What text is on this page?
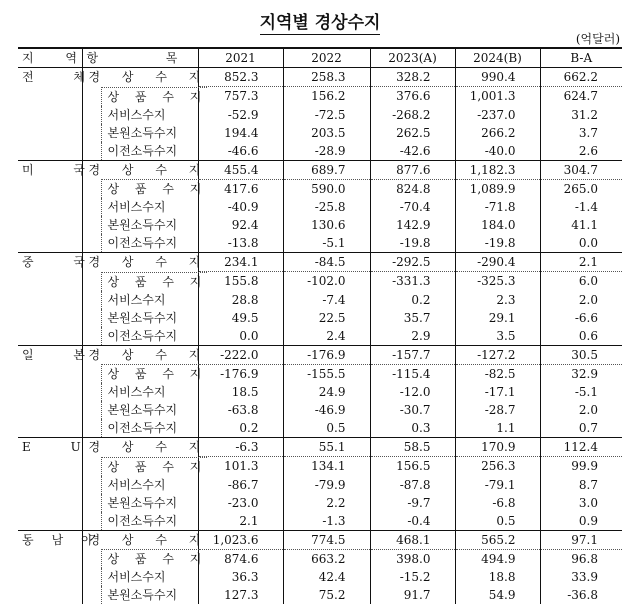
지역별 경상수지
(억달러)
지 역	항  목	2021	2022	2023(A)	2024(B)	B-A
전 체	경 상 수 지	852.3	258.3	328.2	990.4	662.2
	상 품 수 지	757.3	156.2	376.6	1,001.3	624.7
	서비스수지	-52.9	-72.5	-268.2	-237.0	31.2
	본원소득수지	194.4	203.5	262.5	266.2	3.7
	이전소득수지	-46.6	-28.9	-42.6	-40.0	2.6
미 국	경 상 수 지	455.4	689.7	877.6	1,182.3	304.7
	상 품 수 지	417.6	590.0	824.8	1,089.9	265.0
	서비스수지	-40.9	-25.8	-70.4	-71.8	-1.4
	본원소득수지	92.4	130.6	142.9	184.0	41.1
	이전소득수지	-13.8	-5.1	-19.8	-19.8	0.0
중 국	경 상 수 지	234.1	-84.5	-292.5	-290.4	2.1
	상 품 수 지	155.8	-102.0	-331.3	-325.3	6.0
	서비스수지	28.8	-7.4	0.2	2.3	2.0
	본원소득수지	49.5	22.5	35.7	29.1	-6.6
	이전소득수지	0.0	2.4	2.9	3.5	0.6
일 본	경 상 수 지	-222.0	-176.9	-157.7	-127.2	30.5
	상 품 수 지	-176.9	-155.5	-115.4	-82.5	32.9
	서비스수지	18.5	24.9	-12.0	-17.1	-5.1
	본원소득수지	-63.8	-46.9	-30.7	-28.7	2.0
	이전소득수지	0.2	0.5	0.3	1.1	0.7
E U	경 상 수 지	-6.3	55.1	58.5	170.9	112.4
	상 품 수 지	101.3	134.1	156.5	256.3	99.9
	서비스수지	-86.7	-79.9	-87.8	-79.1	8.7
	본원소득수지	-23.0	2.2	-9.7	-6.8	3.0
	이전소득수지	2.1	-1.3	-0.4	0.5	0.9
동남아	경 상 수 지	1,023.6	774.5	468.1	565.2	97.1
	상 품 수 지	874.6	663.2	398.0	494.9	96.8
	서비스수지	36.3	42.4	-15.2	18.8	33.9
	본원소득수지	127.3	75.2	91.7	54.9	-36.8
